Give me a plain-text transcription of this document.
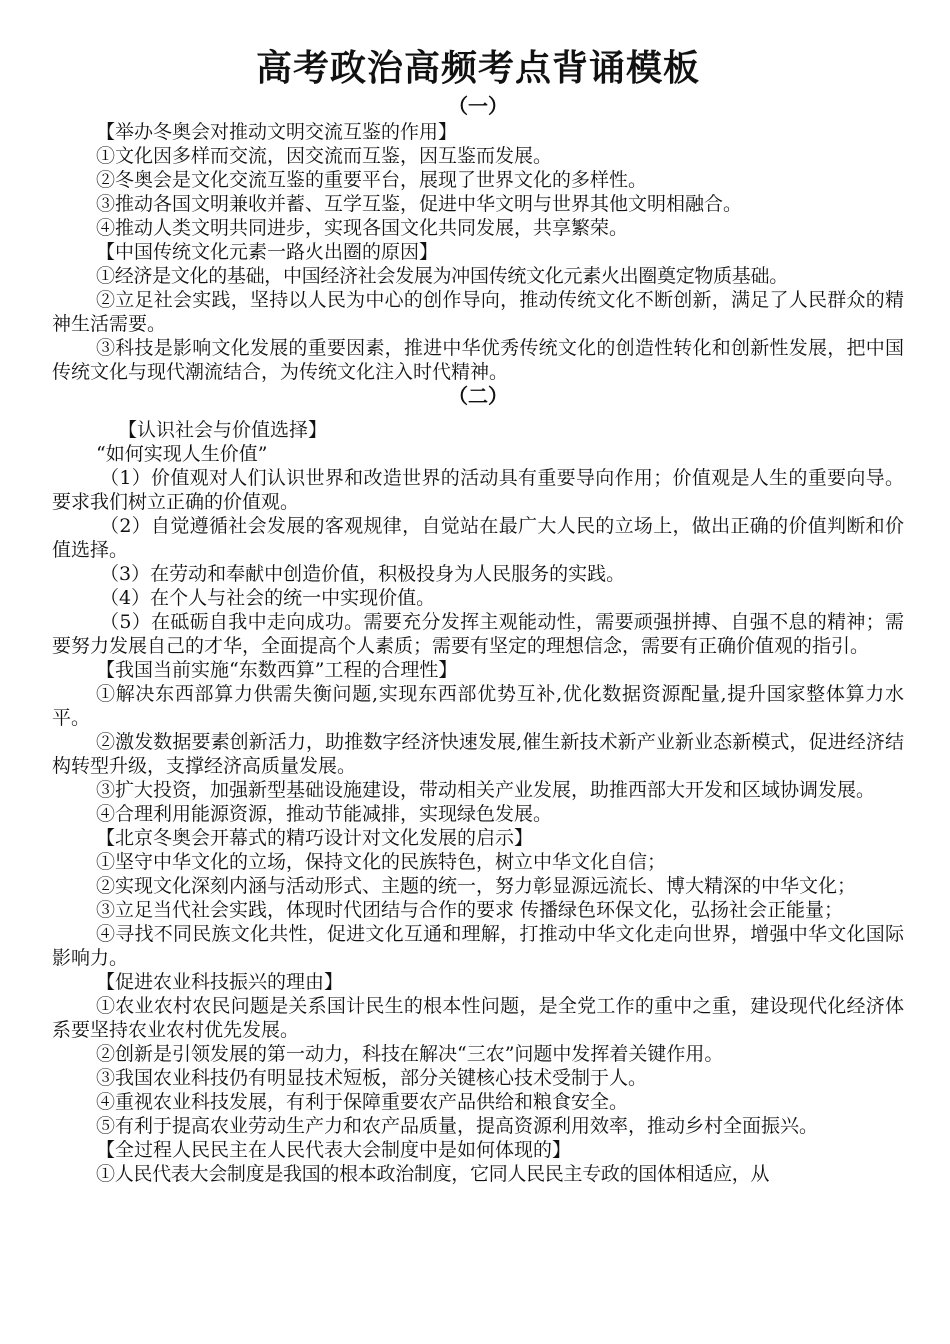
高考政治高频考点背诵模板

（一）

【举办冬奥会对推动文明交流互鉴的作用】

①文化因多样而交流，因交流而互鉴，因互鉴而发展。

②冬奥会是文化交流互鉴的重要平台，展现了世界文化的多样性。

③推动各国文明兼收并蓄、互学互鉴，促进中华文明与世界其他文明相融合。

④推动人类文明共同进步，实现各国文化共同发展，共享繁荣。

【中国传统文化元素一路火出圈的原因】

①经济是文化的基础，中国经济社会发展为冲国传统文化元素火出圈奠定物质基础。

②立足社会实践，坚持以人民为中心的创作导向，推动传统文化不断创新，满足了人民群众的精神生活需要。

③科技是影响文化发展的重要因素，推进中华优秀传统文化的创造性转化和创新性发展，把中国传统文化与现代潮流结合，为传统文化注入时代精神。

（二）

【认识社会与价值选择】

“如何实现人生价值”

（1）价值观对人们认识世界和改造世界的活动具有重要导向作用；价值观是人生的重要向导。要求我们树立正确的价值观。

（2）自觉遵循社会发展的客观规律，自觉站在最广大人民的立场上，做出正确的价值判断和价值选择。

（3）在劳动和奉献中创造价值，积极投身为人民服务的实践。

（4）在个人与社会的统一中实现价值。

（5）在砥砺自我中走向成功。需要充分发挥主观能动性，需要顽强拼搏、自强不息的精神；需要努力发展自己的才华，全面提高个人素质；需要有坚定的理想信念，需要有正确价值观的指引。

【我国当前实施“东数西算”工程的合理性】

①解决东西部算力供需失衡问题,实现东西部优势互补,优化数据资源配量,提升国家整体算力水平。

②激发数据要素创新活力，助推数字经济快速发展,催生新技术新产业新业态新模式，促进经济结构转型升级，支撑经济高质量发展。

③扩大投资，加强新型基础设施建设，带动相关产业发展，助推西部大开发和区域协调发展。

④合理利用能源资源，推动节能减排，实现绿色发展。

【北京冬奥会开幕式的精巧设计对文化发展的启示】

①坚守中华文化的立场，保持文化的民族特色，树立中华文化自信；

②实现文化深刻内涵与活动形式、主题的统一，努力彰显源远流长、博大精深的中华文化；

③立足当代社会实践，体现时代团结与合作的要求 传播绿色环保文化，弘扬社会正能量；

④寻找不同民族文化共性，促进文化互通和理解，打推动中华文化走向世界，增强中华文化国际影响力。

【促进农业科技振兴的理由】

①农业农村农民问题是关系国计民生的根本性问题，是全党工作的重中之重，建设现代化经济体系要坚持农业农村优先发展。

②创新是引领发展的第一动力，科技在解决“三农”问题中发挥着关键作用。

③我国农业科技仍有明显技术短板，部分关键核心技术受制于人。

④重视农业科技发展，有利于保障重要农产品供给和粮食安全。

⑤有利于提高农业劳动生产力和农产品质量，提高资源利用效率，推动乡村全面振兴。

【全过程人民民主在人民代表大会制度中是如何体现的】

①人民代表大会制度是我国的根本政治制度，它同人民民主专政的国体相适应，从
